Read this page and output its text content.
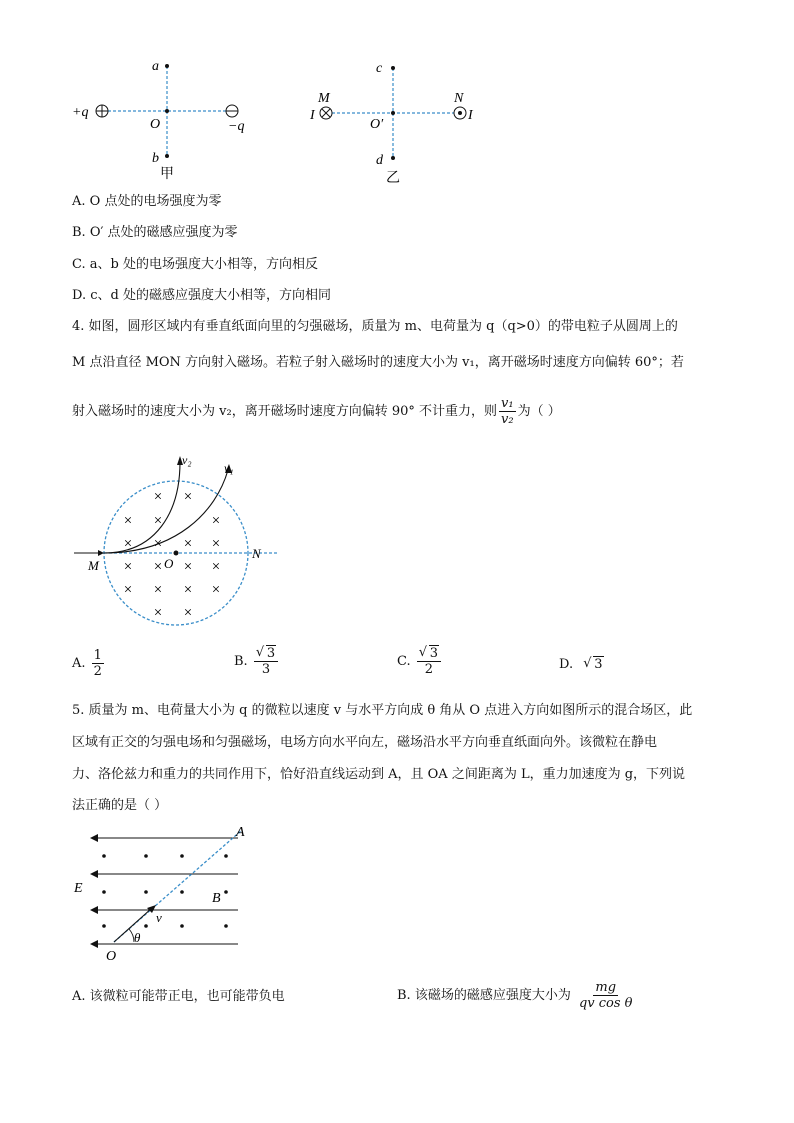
a
O
b
+q
−q
甲
c
O′
d
M	N
I	I
乙
A. O 点处的电场强度为零
B. O′ 点处的磁感应强度为零
C. a、b 处的电场强度大小相等，方向相反
D. c、d 处的磁感应强度大小相等，方向相同
4. 如图，圆形区域内有垂直纸面向里的匀强磁场，质量为 m、电荷量为 q（q>0）的带电粒子从圆周上的
M 点沿直径 MON 方向射入磁场。若粒子射入磁场时的速度大小为 v₁，离开磁场时速度方向偏转 60°；若
射入磁场时的速度大小为 v₂，离开磁场时速度方向偏转 90° 不计重力，则 $\frac{\text{v₁}}{\text{v₂}}$ 为（ ）
× ×
× ×	×
× × × ×
× × × ×
× × × ×
× ×
v₂
v₁
M	O
N
A. $\frac{1}{2}$	B. √ $\frac{3}{3}$	C. √ $\frac{3}{2}$	D. √ 3
5. 质量为 m、电荷量大小为 q 的微粒以速度 v 与水平方向成 θ 角从 O 点进入方向如图所示的混合场区，此
区域有正交的匀强电场和匀强磁场，电场方向水平向左，磁场沿水平方向垂直纸面向外。该微粒在静电
力、洛伦兹力和重力的共同作用下，恰好沿直线运动到 A，且 OA 之间距离为 L，重力加速度为 g，下列说
法正确的是（ ）
A
B
E
v
θ
O
A. 该微粒可能带正电，也可能带负电	B. 该磁场的磁感应强度大小为 $\frac{mg}{\text{qv cos θ}}$
